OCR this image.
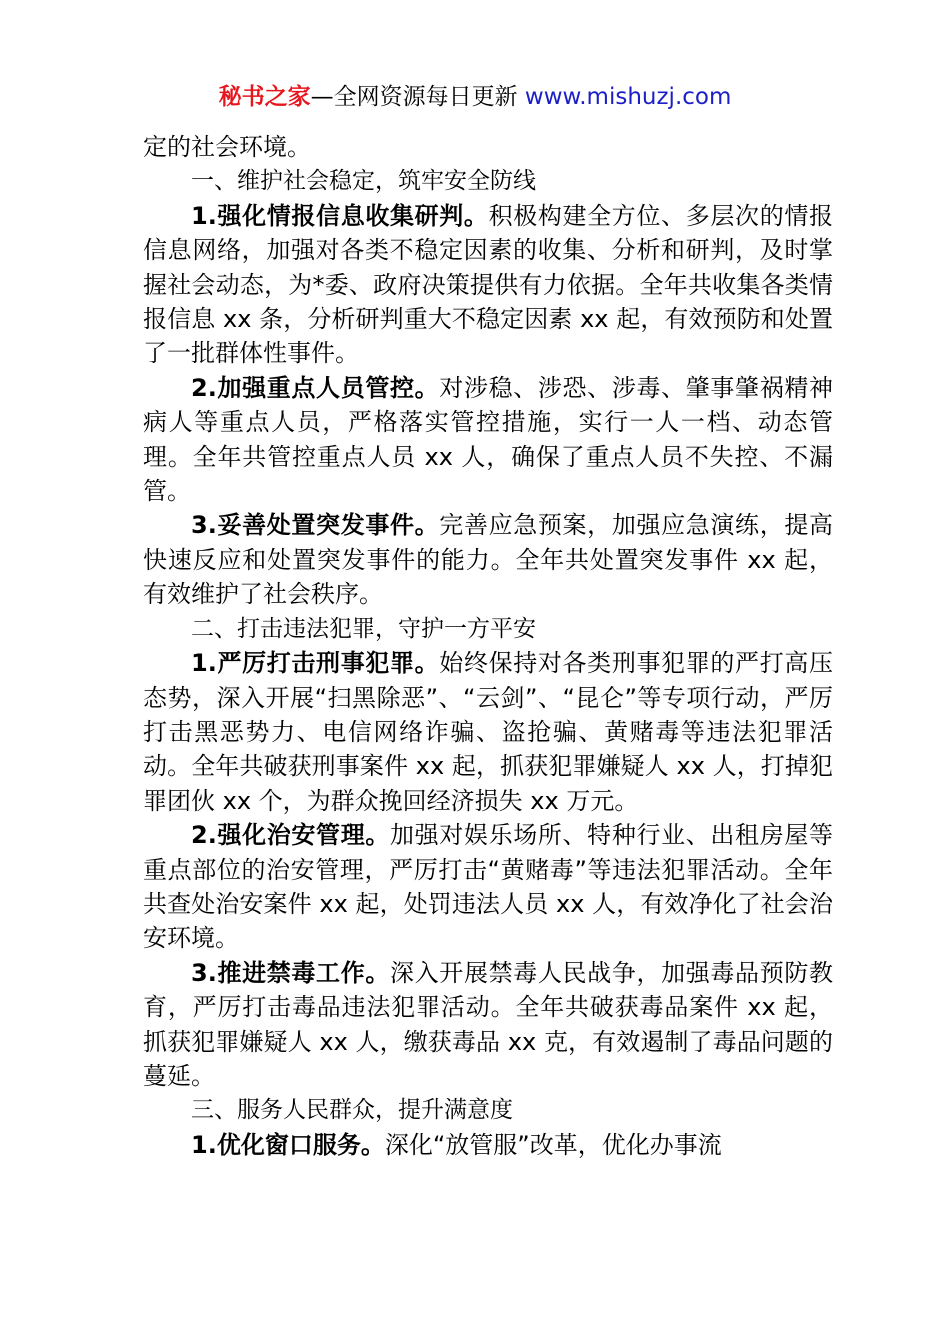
秘书之家—全网资源每日更新 www.mishuzj.com

定的社会环境。

一、维护社会稳定，筑牢安全防线

1.强化情报信息收集研判。积极构建全方位、多层次的情报信息网络，加强对各类不稳定因素的收集、分析和研判，及时掌握社会动态，为*委、政府决策提供有力依据。全年共收集各类情报信息 xx 条，分析研判重大不稳定因素 xx 起，有效预防和处置了一批群体性事件。

2.加强重点人员管控。对涉稳、涉恐、涉毒、肇事肇祸精神病人等重点人员，严格落实管控措施，实行一人一档、动态管理。全年共管控重点人员 xx 人，确保了重点人员不失控、不漏管。

3.妥善处置突发事件。完善应急预案，加强应急演练，提高快速反应和处置突发事件的能力。全年共处置突发事件 xx 起，有效维护了社会秩序。

二、打击违法犯罪，守护一方平安

1.严厉打击刑事犯罪。始终保持对各类刑事犯罪的严打高压态势，深入开展“扫黑除恶”、“云剑”、“昆仑”等专项行动，严厉打击黑恶势力、电信网络诈骗、盗抢骗、黄赌毒等违法犯罪活动。全年共破获刑事案件 xx 起，抓获犯罪嫌疑人 xx 人，打掉犯罪团伙 xx 个，为群众挽回经济损失 xx 万元。

2.强化治安管理。加强对娱乐场所、特种行业、出租房屋等重点部位的治安管理，严厉打击“黄赌毒”等违法犯罪活动。全年共查处治安案件 xx 起，处罚违法人员 xx 人，有效净化了社会治安环境。

3.推进禁毒工作。深入开展禁毒人民战争，加强毒品预防教育，严厉打击毒品违法犯罪活动。全年共破获毒品案件 xx 起，抓获犯罪嫌疑人 xx 人，缴获毒品 xx 克，有效遏制了毒品问题的蔓延。

三、服务人民群众，提升满意度

1.优化窗口服务。深化“放管服”改革，优化办事流
